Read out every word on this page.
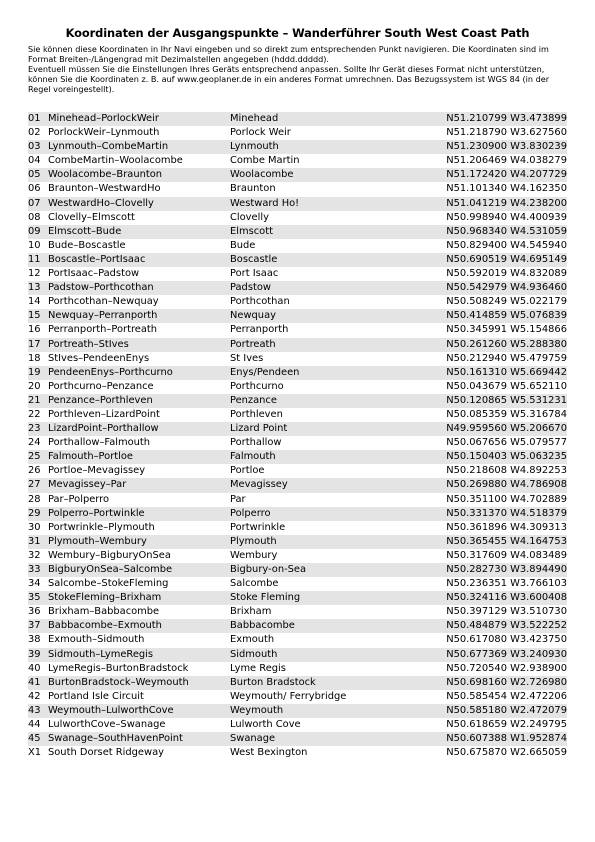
Koordinaten der Ausgangspunkte – Wanderführer South West Coast Path

Sie können diese Koordinaten in Ihr Navi eingeben und so direkt zum entsprechenden Punkt navigieren. Die Koordinaten sind im Format Breiten-/Längengrad mit Dezimalstellen angegeben (hddd.ddddd).

Eventuell müssen Sie die Einstellungen Ihres Geräts entsprechend anpassen. Sollte Ihr Gerät dieses Format nicht unterstützen, können Sie die Koordinaten z. B. auf www.geoplaner.de in ein anderes Format umrechnen. Das Bezugssystem ist WGS 84 (in der Regel voreingestellt).

01 Minehead–PorlockWeir	Minehead	N51.210799 W3.473899
02 PorlockWeir–Lynmouth	Porlock Weir	N51.218790 W3.627560
03 Lynmouth–CombeMartin	Lynmouth	N51.230900 W3.830239
04 CombeMartin–Woolacombe	Combe Martin	N51.206469 W4.038279
05 Woolacombe–Braunton	Woolacombe	N51.172420 W4.207729
06 Braunton–WestwardHo	Braunton	N51.101340 W4.162350
07 WestwardHo–Clovelly	Westward Ho!	N51.041219 W4.238200
08 Clovelly–Elmscott	Clovelly	N50.998940 W4.400939
09 Elmscott–Bude	Elmscott	N50.968340 W4.531059
10 Bude–Boscastle	Bude	N50.829400 W4.545940
11 Boscastle–PortIsaac	Boscastle	N50.690519 W4.695149
12 PortIsaac–Padstow	Port Isaac	N50.592019 W4.832089
13 Padstow–Porthcothan	Padstow	N50.542979 W4.936460
14 Porthcothan–Newquay	Porthcothan	N50.508249 W5.022179
15 Newquay–Perranporth	Newquay	N50.414859 W5.076839
16 Perranporth–Portreath	Perranporth	N50.345991 W5.154866
17 Portreath–StIves	Portreath	N50.261260 W5.288380
18 StIves–PendeenEnys	St Ives	N50.212940 W5.479759
19 PendeenEnys–Porthcurno	Enys/Pendeen	N50.161310 W5.669442
20 Porthcurno–Penzance	Porthcurno	N50.043679 W5.652110
21 Penzance–Porthleven	Penzance	N50.120865 W5.531231
22 Porthleven–LizardPoint	Porthleven	N50.085359 W5.316784
23 LizardPoint–Porthallow	Lizard Point	N49.959560 W5.206670
24 Porthallow–Falmouth	Porthallow	N50.067656 W5.079577
25 Falmouth–Portloe	Falmouth	N50.150403 W5.063235
26 Portloe–Mevagissey	Portloe	N50.218608 W4.892253
27 Mevagissey–Par	Mevagissey	N50.269880 W4.786908
28 Par–Polperro	Par	N50.351100 W4.702889
29 Polperro–Portwinkle	Polperro	N50.331370 W4.518379
30 Portwrinkle–Plymouth	Portwrinkle	N50.361896 W4.309313
31 Plymouth–Wembury	Plymouth	N50.365455 W4.164753
32 Wembury–BigburyOnSea	Wembury	N50.317609 W4.083489
33 BigburyOnSea–Salcombe	Bigbury-on-Sea	N50.282730 W3.894490
34 Salcombe–StokeFleming	Salcombe	N50.236351 W3.766103
35 StokeFleming–Brixham	Stoke Fleming	N50.324116 W3.600408
36 Brixham–Babbacombe	Brixham	N50.397129 W3.510730
37 Babbacombe–Exmouth	Babbacombe	N50.484879 W3.522252
38 Exmouth–Sidmouth	Exmouth	N50.617080 W3.423750
39 Sidmouth–LymeRegis	Sidmouth	N50.677369 W3.240930
40 LymeRegis–BurtonBradstock	Lyme Regis	N50.720540 W2.938900
41 BurtonBradstock–Weymouth	Burton Bradstock	N50.698160 W2.726980
42 Portland Isle Circuit	Weymouth/ Ferrybridge	N50.585454 W2.472206
43 Weymouth–LulworthCove	Weymouth	N50.585180 W2.472079
44 LulworthCove–Swanage	Lulworth Cove	N50.618659 W2.249795
45 Swanage–SouthHavenPoint	Swanage	N50.607388 W1.952874
X1 South Dorset Ridgeway	West Bexington	N50.675870 W2.665059
